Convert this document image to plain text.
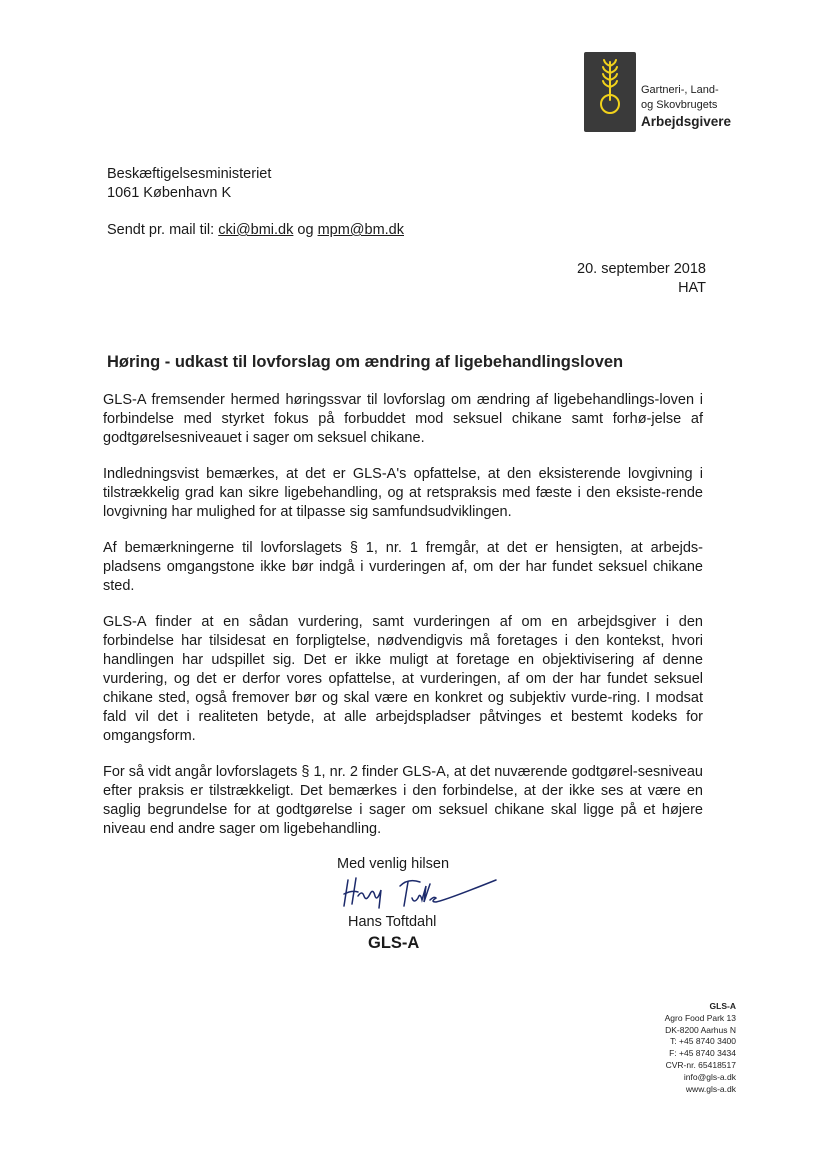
Gartneri-, Land-
og Skovbrugets
Arbejdsgivere
Beskæftigelsesministeriet
1061 København K
Sendt pr. mail til: cki@bmi.dk og mpm@bm.dk
20. september 2018
HAT
Høring - udkast til lovforslag om ændring af ligebehandlingsloven

GLS-A fremsender hermed høringssvar til lovforslag om ændring af ligebehandlings-loven i forbindelse med styrket fokus på forbuddet mod seksuel chikane samt forhø-jelse af godtgørelsesniveauet i sager om seksuel chikane.

Indledningsvist bemærkes, at det er GLS-A's opfattelse, at den eksisterende lovgivning i tilstrækkelig grad kan sikre ligebehandling, og at retspraksis med fæste i den eksiste-rende lovgivning har mulighed for at tilpasse sig samfundsudviklingen.

Af bemærkningerne til lovforslagets § 1, nr. 1 fremgår, at det er hensigten, at arbejds-pladsens omgangstone ikke bør indgå i vurderingen af, om der har fundet seksuel chikane sted.

GLS-A finder at en sådan vurdering, samt vurderingen af om en arbejdsgiver i den forbindelse har tilsidesat en forpligtelse, nødvendigvis må foretages i den kontekst, hvori handlingen har udspillet sig. Det er ikke muligt at foretage en objektivisering af denne vurdering, og det er derfor vores opfattelse, at vurderingen, af om der har fundet seksuel chikane sted, også fremover bør og skal være en konkret og subjektiv vurde-ring. I modsat fald vil det i realiteten betyde, at alle arbejdspladser påtvinges et bestemt kodeks for omgangsform.

For så vidt angår lovforslagets § 1, nr. 2 finder GLS-A, at det nuværende godtgørel-sesniveau efter praksis er tilstrækkeligt. Det bemærkes i den forbindelse, at der ikke ses at være en saglig begrundelse for at godtgørelse i sager om seksuel chikane skal ligge på et højere niveau end andre sager om ligebehandling.

Med venlig hilsen
Hans Toftdahl
GLS-A
GLS-A
Agro Food Park 13
DK-8200 Aarhus N
T: +45 8740 3400
F: +45 8740 3434
CVR-nr. 65418517
info@gls-a.dk
www.gls-a.dk
